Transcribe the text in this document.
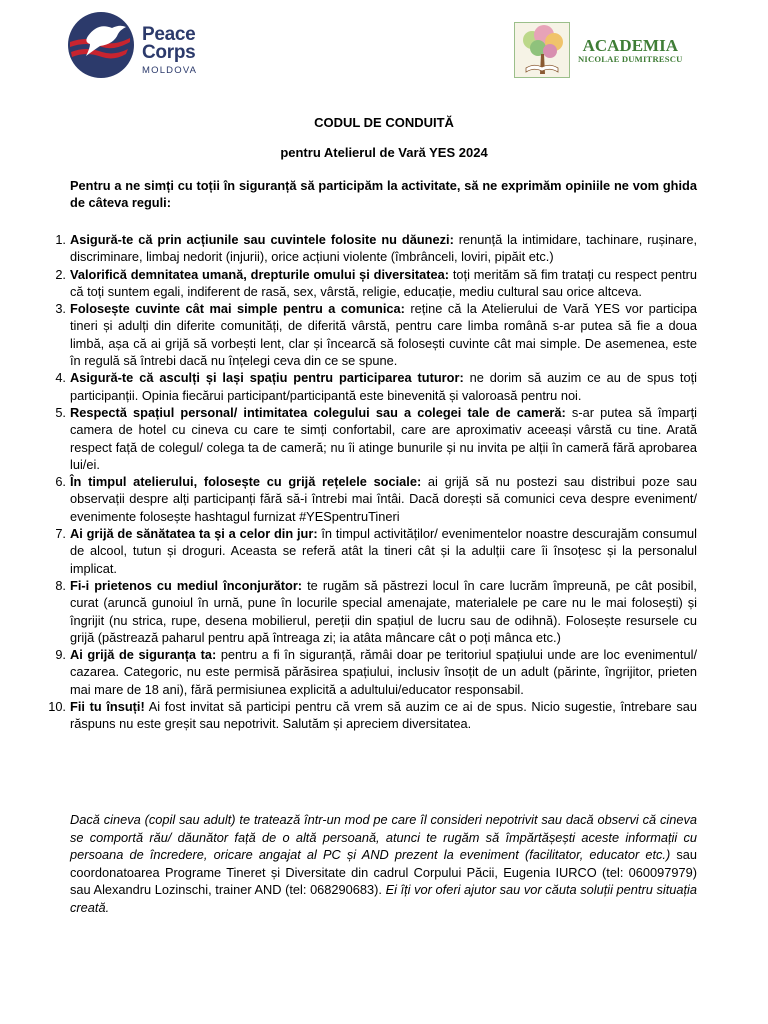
Peace
Corps
MOLDOVA
ACADEMIA
NICOLAE DUMITRESCU
CODUL DE CONDUITĂ
pentru Atelierul de Vară YES 2024
Pentru a ne simți cu toții în siguranță să participăm la activitate, să ne exprimăm opiniile ne vom ghida de câteva reguli:
1. Asigură-te că prin acțiunile sau cuvintele folosite nu dăunezi: renunță la intimidare, tachinare, rușinare, discriminare, limbaj nedorit (injurii), orice acțiuni violente (îmbrânceli, lovirі, pipăit etc.)
2. Valorifică demnitatea umană, drepturile omului și diversitatea: toți merităm să fim tratați cu respect pentru că toți suntem egali, indiferent de rasă, sex, vârstă, religie, educație, mediu cultural sau orice altceva.
3. Folosește cuvinte cât mai simple pentru a comunica: reține că la Atelierului de Vară YES vor participa tineri și adulți din diferite comunități, de diferită vârstă, pentru care limba română s-ar putea să fie a doua limbă, așa că ai grijă să vorbești lent, clar și încearcă să folosești cuvinte cât mai simple. De asemenea, este în regulă să întrebi dacă nu înțelegi ceva din ce se spune.
4. Asigură-te că asculți și lași spațiu pentru participarea tuturor: ne dorim să auzim ce au de spus toți participanții. Opinia fiecărui participant/participantă este binevenită și valoroasă pentru noi.
5. Respectă spațiul personal/ intimitatea colegului sau a colegei tale de cameră: s-ar putea să împarți camera de hotel cu cineva cu care te simți confortabil, care are aproximativ aceeași vârstă cu tine. Arată respect față de colegul/ colega ta de cameră; nu îi atinge bunurile și nu invita pe alții în cameră fără aprobarea lui/ei.
6. În timpul atelierului, folosește cu grijă rețelele sociale: ai grijă să nu postezi sau distribui poze sau observații despre alți participanți fără să-i întrebi mai întâi. Dacă dorești să comunici ceva despre eveniment/ evenimente folosește hashtagul furnizat #YESpentruTineri
7. Ai grijă de sănătatea ta și a celor din jur: în timpul activităților/ evenimentelor noastre descurajăm consumul de alcool, tutun și droguri. Aceasta se referă atât la tineri cât și la adulții care îi însoțesc și la personalul implicat.
8. Fi-i prietenos cu mediul înconjurător: te rugăm să păstrezi locul în care lucrăm împreună, pe cât posibil, curat (aruncă gunoiul în urnă, pune în locurile special amenajate, materialele pe care nu le mai folosești) și îngrijit (nu strica, rupe, desena mobilierul, pereții din spațiul de lucru sau de odihnă). Folosește resursele cu grijă (păstrează paharul pentru apă întreaga zi; ia atâta mâncare cât o poți mânca etc.)
9. Ai grijă de siguranța ta: pentru a fi în siguranță, rămâi doar pe teritoriul spațiului unde are loc evenimentul/ cazarea. Categoric, nu este permisă părăsirea spațiului, inclusiv însoțit de un adult (părinte, îngrijitor, prieten mai mare de 18 ani), fără permisiunea explicită a adultului/educator responsabil.
10. Fii tu însuți! Ai fost invitat să participi pentru că vrem să auzim ce ai de spus. Nicio sugestie, întrebare sau răspuns nu este greșit sau nepotrivit. Salutăm și apreciem diversitatea.
Dacă cineva (copil sau adult) te tratează într-un mod pe care îl consideri nepotrivit sau dacă observi că cineva se comportă rău/ dăunător față de o altă persoană, atunci te rugăm să împărtășești aceste informații cu persoana de încredere, oricare angajat al PC și AND prezent la eveniment (facilitator, educator etc.) sau coordonatoarea Programe Tineret și Diversitate din cadrul Corpului Păcii, Eugenia IURCO (tel: 060097979) sau Alexandru Lozinschi, trainer AND (tel: 068290683). Ei îți vor oferi ajutor sau vor căuta soluții pentru situația creată.
